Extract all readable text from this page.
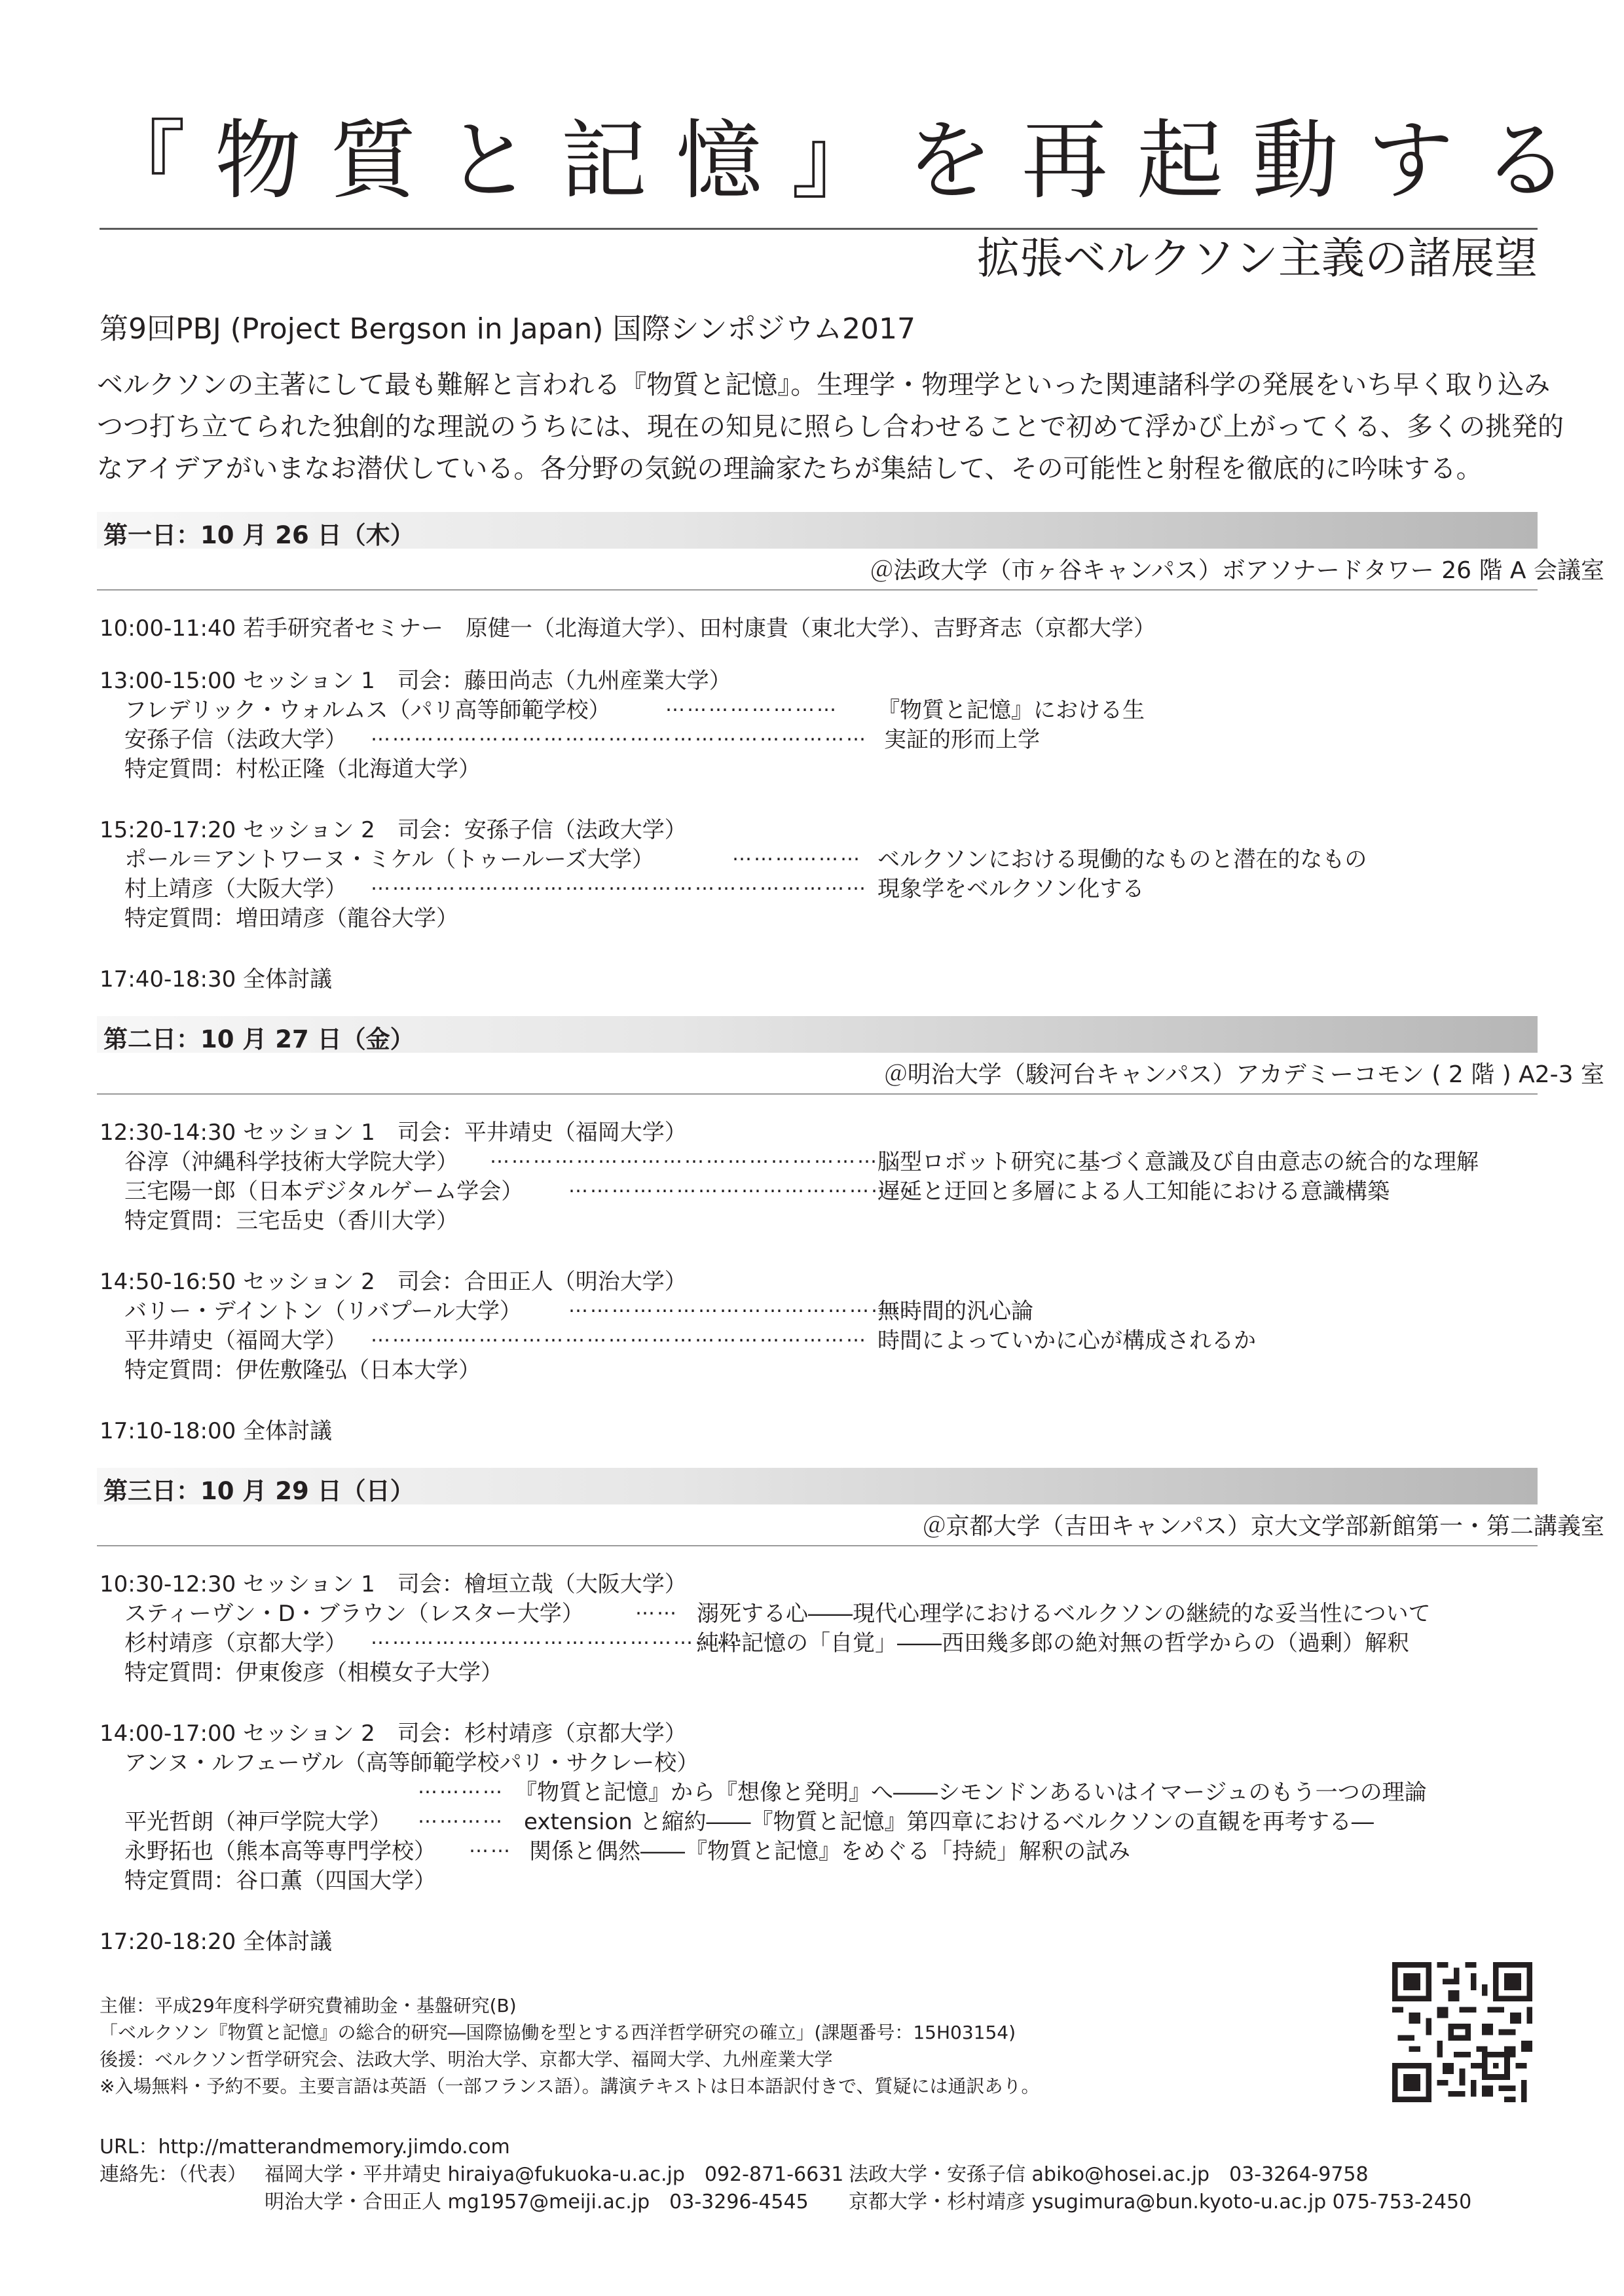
『物質と記憶』を再起動する
拡張ベルクソン主義の諸展望
第9回PBJ (Project Bergson in Japan) 国際シンポジウム2017
ベルクソンの主著にして最も難解と言われる『物質と記憶』。生理学・物理学といった関連諸科学の発展をいち早く取り込み
つつ打ち立てられた独創的な理説のうちには、現在の知見に照らし合わせることで初めて浮かび上がってくる、多くの挑発的
なアイデアがいまなお潜伏している。各分野の気鋭の理論家たちが集結して、その可能性と射程を徹底的に吟味する。
第一日：10 月 26 日（木）
＠法政大学（市ヶ谷キャンパス）ボアソナードタワー 26 階 A 会議室
10:00-11:40 若手研究者セミナー　原健一（北海道大学）、田村康貴（東北大学）、吉野斉志（京都大学）
13:00-15:00 セッション 1　司会：藤田尚志（九州産業大学）
フレデリック・ウォルムス（パリ高等師範学校）	…………………… 『物質と記憶』における生
安孫子信（法政大学） …………………………………………………………… 実証的形而上学
特定質問：村松正隆（北海道大学）
15:20-17:20 セッション 2　司会：安孫子信（法政大学）
ポール＝アントワーヌ・ミケル（トゥールーズ大学）	……………… ベルクソンにおける現働的なものと潜在的なもの
村上靖彦（大阪大学） …………………………………………………………… 現象学をベルクソン化する
特定質問：増田靖彦（龍谷大学）
17:40-18:30 全体討議
第二日：10 月 27 日（金）
＠明治大学（駿河台キャンパス）アカデミーコモン ( 2 階 ) A2-3 室
12:30-14:30 セッション 1　司会：平井靖史（福岡大学）
谷淳（沖縄科学技術大学院大学） ………………………………………………
脳型ロボット研究に基づく意識及び自由意志の統合的な理解
三宅陽一郎（日本デジタルゲーム学会） …………………………………………
遅延と迂回と多層による人工知能における意識構築
特定質問：三宅岳史（香川大学）
14:50-16:50 セッション 2　司会：合田正人（明治大学）
バリー・デイントン（リバプール大学） …………………………………………
無時間的汎心論
平井靖史（福岡大学） …………………………………………………………… 時間によっていかに心が構成されるか
特定質問：伊佐敷隆弘（日本大学）
17:10-18:00 全体討議
第三日：10 月 29 日（日）
＠京都大学（吉田キャンパス）京大文学部新館第一・第二講義室
10:30-12:30 セッション 1　司会：檜垣立哉（大阪大学）
スティーヴン・D・ブラウン（レスター大学）	…… 溺死する心――現代心理学におけるベルクソンの継続的な妥当性について
杉村靖彦（京都大学） ……………………………………………
純粋記憶の「自覚」――西田幾多郎の絶対無の哲学からの（過剰）解釈
特定質問：伊東俊彦（相模女子大学）
14:00-17:00 セッション 2　司会：杉村靖彦（京都大学）
アンヌ・ルフェーヴル（高等師範学校パリ・サクレー校）
………… 『物質と記憶』から『想像と発明』へ――シモンドンあるいはイマージュのもう一つの理論
平光哲朗（神戸学院大学） ………… extension と縮約――『物質と記憶』第四章におけるベルクソンの直観を再考する―
永野拓也（熊本高等専門学校） …… 関係と偶然――『物質と記憶』をめぐる「持続」解釈の試み
特定質問：谷口薫（四国大学）
17:20-18:20 全体討議
主催：平成29年度科学研究費補助金・基盤研究(B)
「ベルクソン『物質と記憶』の総合的研究―国際協働を型とする西洋哲学研究の確立」(課題番号：15H03154)
後援：ベルクソン哲学研究会、法政大学、明治大学、京都大学、福岡大学、九州産業大学
※入場無料・予約不要。主要言語は英語（一部フランス語）。講演テキストは日本語訳付きで、質疑には通訳あり。
URL：http://matterandmemory.jimdo.com
連絡先：（代表） 福岡大学・平井靖史 hiraiya@fukuoka-u.ac.jp　092-871-6631 法政大学・安孫子信 abiko@hosei.ac.jp　03-3264-9758
明治大学・合田正人 mg1957@meiji.ac.jp　03-3296-4545 京都大学・杉村靖彦 ysugimura@bun.kyoto-u.ac.jp 075-753-2450
